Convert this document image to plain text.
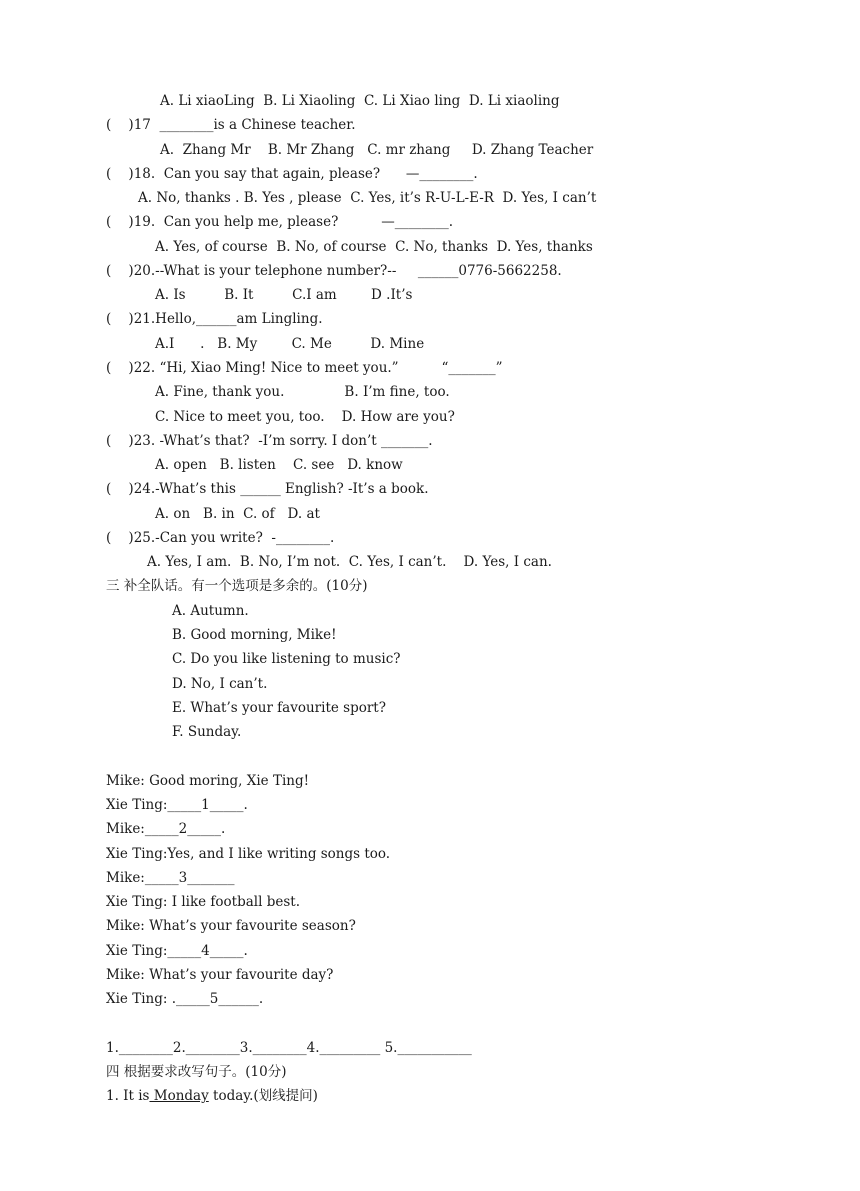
A. Li xiaoLing  B. Li Xiaoling  C. Li Xiao ling  D. Li xiaoling
(    )17  ________is a Chinese teacher.
A.  Zhang Mr    B. Mr Zhang   C. mr zhang     D. Zhang Teacher
(    )18.  Can you say that again, please?      —________.
A. No, thanks . B. Yes , please  C. Yes, it’s R-U-L-E-R  D. Yes, I can’t
(    )19.  Can you help me, please?          —________.
A. Yes, of course  B. No, of course  C. No, thanks  D. Yes, thanks
(    )20.--What is your telephone number?--     ______0776-5662258.
A. Is         B. It         C.I am        D .It’s
(    )21.Hello,______am Lingling.
A.I      .   B. My        C. Me         D. Mine
(    )22. “Hi, Xiao Ming! Nice to meet you.”          “_______”
A. Fine, thank you.              B. I’m fine, too.
C. Nice to meet you, too.    D. How are you?
(    )23. -What’s that?  -I’m sorry. I don’t _______.
A. open   B. listen    C. see   D. know
(    )24.-What’s this ______ English? -It’s a book.
A. on   B. in  C. of   D. at
(    )25.-Can you write?  -________.
A. Yes, I am.  B. No, I’m not.  C. Yes, I can’t.    D. Yes, I can.
三 补全队话。有一个选项是多余的。(10分)
A. Autumn.
B. Good morning, Mike!
C. Do you like listening to music?
D. No, I can’t.
E. What’s your favourite sport?
F. Sunday.
Mike: Good moring, Xie Ting!
Xie Ting:_____1_____.
Mike:_____2_____.
Xie Ting:Yes, and I like writing songs too.
Mike:_____3_______
Xie Ting: I like football best.
Mike: What’s your favourite season?
Xie Ting:_____4_____.
Mike: What’s your favourite day?
Xie Ting: ._____5______.
1.________2.________3.________4._________ 5.___________
四 根据要求改写句子。(10分)
1. It is Monday today.(划线提问)
